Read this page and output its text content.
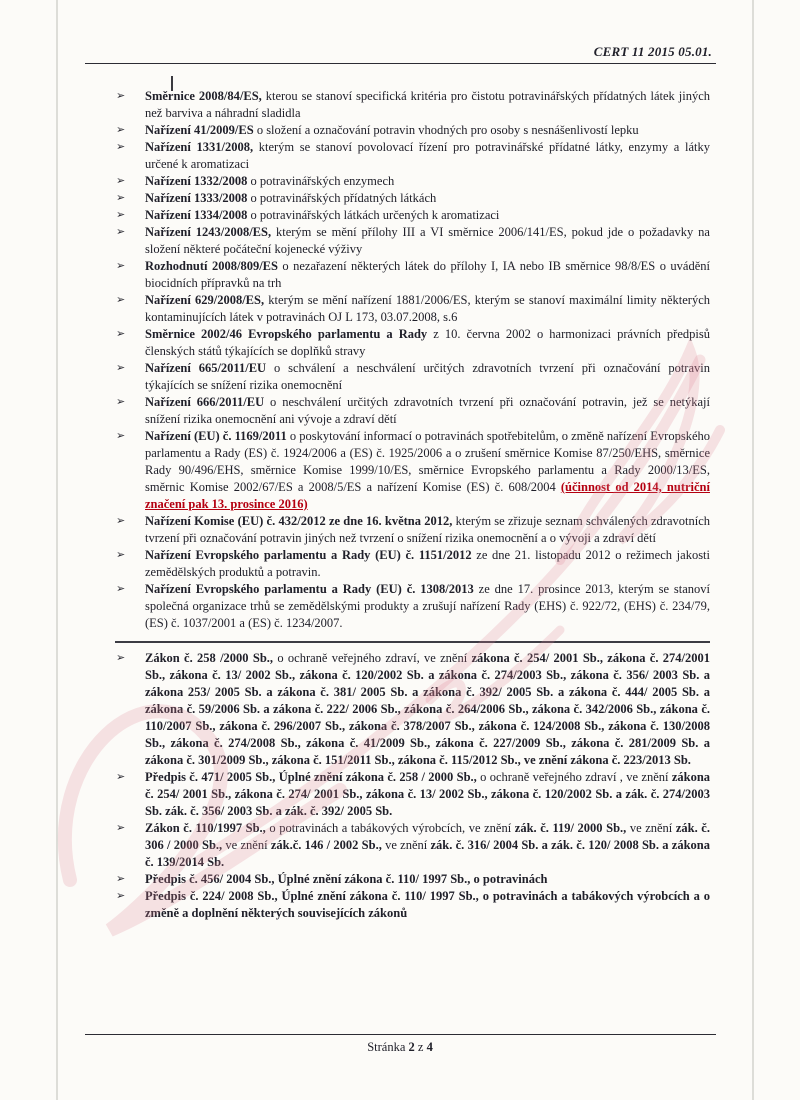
CERT 11 2015 05.01.
➢ Směrnice 2008/84/ES, kterou se stanoví specifická kritéria pro čistotu potravinářských přídatných látek jiných než barviva a náhradní sladidla
➢ Nařízení 41/2009/ES o složení a označování potravin vhodných pro osoby s nesnášenlivostí lepku
➢ Nařízení 1331/2008, kterým se stanoví povolovací řízení pro potravinářské přídatné látky, enzymy a látky určené k aromatizaci
➢ Nařízení 1332/2008 o potravinářských enzymech
➢ Nařízení 1333/2008 o potravinářských přídatných látkách
➢ Nařízení 1334/2008 o potravinářských látkách určených k aromatizaci
➢ Nařízení 1243/2008/ES, kterým se mění přílohy III a VI směrnice 2006/141/ES, pokud jde o požadavky na složení některé počáteční kojenecké výživy
➢ Rozhodnutí 2008/809/ES o nezařazení některých látek do přílohy I, IA nebo IB směrnice 98/8/ES o uvádění biocidních přípravků na trh
➢ Nařízení 629/2008/ES, kterým se mění nařízení 1881/2006/ES, kterým se stanoví maximální limity některých kontaminujících látek v potravinách OJ L 173, 03.07.2008, s.6
➢ Směrnice 2002/46 Evropského parlamentu a Rady z 10. června 2002 o harmonizaci právních předpisů členských států týkajících se doplňků stravy
➢ Nařízení 665/2011/EU o schválení a neschválení určitých zdravotních tvrzení při označování potravin týkajících se snížení rizika onemocnění
➢ Nařízení 666/2011/EU o neschválení určitých zdravotních tvrzení při označování potravin, jež se netýkají snížení rizika onemocnění ani vývoje a zdraví dětí
➢ Nařízení (EU) č. 1169/2011 o poskytování informací o potravinách spotřebitelům, o změně nařízení Evropského parlamentu a Rady (ES) č. 1924/2006 a (ES) č. 1925/2006 a o zrušení směrnice Komise 87/250/EHS, směrnice Rady 90/496/EHS, směrnice Komise 1999/10/ES, směrnice Evropského parlamentu a Rady 2000/13/ES, směrnic Komise 2002/67/ES a 2008/5/ES a nařízení Komise (ES) č. 608/2004 (účinnost od 2014, nutriční značení pak 13. prosince 2016)
➢ Nařízení Komise (EU) č. 432/2012 ze dne 16. května 2012, kterým se zřizuje seznam schválených zdravotních tvrzení při označování potravin jiných než tvrzení o snížení rizika onemocnění a o vývoji a zdraví dětí
➢ Nařízení Evropského parlamentu a Rady (EU) č. 1151/2012 ze dne 21. listopadu 2012 o režimech jakosti zemědělských produktů a potravin.
➢ Nařízení Evropského parlamentu a Rady (EU) č. 1308/2013 ze dne 17. prosince 2013, kterým se stanoví společná organizace trhů se zemědělskými produkty a zrušují nařízení Rady (EHS) č. 922/72, (EHS) č. 234/79, (ES) č. 1037/2001 a (ES) č. 1234/2007.
➢ Zákon č. 258 /2000 Sb., o ochraně veřejného zdraví, ve znění zákona č. 254/ 2001 Sb., zákona č. 274/2001 Sb., zákona č. 13/ 2002 Sb., zákona č. 120/2002 Sb. a zákona č. 274/2003 Sb., zákona č. 356/ 2003 Sb. a zákona 253/ 2005 Sb. a zákona č. 381/ 2005 Sb. a zákona č. 392/ 2005 Sb. a zákona č. 444/ 2005 Sb. a zákona č. 59/2006 Sb. a zákona č. 222/ 2006 Sb., zákona č. 264/2006 Sb., zákona č. 342/2006 Sb., zákona č. 110/2007 Sb., zákona č. 296/2007 Sb., zákona č. 378/2007 Sb., zákona č. 124/2008 Sb., zákona č. 130/2008 Sb., zákona č. 274/2008 Sb., zákona č. 41/2009 Sb., zákona č. 227/2009 Sb., zákona č. 281/2009 Sb. a zákona č. 301/2009 Sb., zákona č. 151/2011 Sb., zákona č. 115/2012 Sb., ve znění zákona č. 223/2013 Sb.
➢ Předpis č. 471/ 2005 Sb., Úplné znění zákona č. 258 / 2000 Sb., o ochraně veřejného zdraví , ve znění zákona č. 254/ 2001 Sb., zákona č. 274/ 2001 Sb., zákona č. 13/ 2002 Sb., zákona č. 120/2002 Sb. a zák. č. 274/2003 Sb. zák. č. 356/ 2003 Sb. a zák. č. 392/ 2005 Sb.
➢ Zákon č. 110/1997 Sb., o potravinách a tabákových výrobcích, ve znění zák. č. 119/ 2000 Sb., ve znění zák. č. 306 / 2000 Sb., ve znění zák.č. 146 / 2002 Sb., ve znění zák. č. 316/ 2004 Sb. a zák. č. 120/ 2008 Sb. a zákona č. 139/2014 Sb.
➢ Předpis č. 456/ 2004 Sb., Úplné znění zákona č. 110/ 1997 Sb., o potravinách
➢ Předpis č. 224/ 2008 Sb., Úplné znění zákona č. 110/ 1997 Sb., o potravinách a tabákových výrobcích a o změně a doplnění některých souvisejících zákonů
Stránka 2 z 4
